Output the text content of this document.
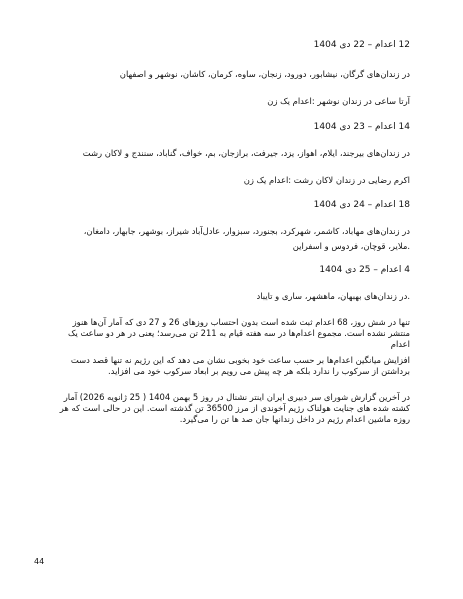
12 اعدام – 22 دی 1404
در زندان‌های گرگان، نیشابور، دورود، زنجان، ساوه، کرمان، کاشان، نوشهر و اصفهان
آرتا ساعی در زندان نوشهر :اعدام یک زن
14 اعدام – 23 دی 1404
در زندان‌های بیرجند، ایلام، اهواز، یزد، جیرفت، برازجان، بم، خواف، گناباد، سنندج و لاکان رشت
اکرم رضایی در زندان لاکان رشت :اعدام یک زن
18 اعدام – 24 دی 1404
در زندان‌های مهاباد، کاشمر، شهرکرد، بجنورد، سبزوار، عادل‌آباد شیراز، بوشهر، جابهار، دامغان،
.ملایر، قوچان، فردوس و اسفراین
4 اعدام – 25 دی 1404
.در زندان‌های بهبهان، ماهشهر، ساری و تایباد
تنها در شش روز، 68 اعدام ثبت شده است بدون احتساب روزهای 26 و 27 دی که آمار آن‌ها هنوز منتشر نشده است. مجموع اعدام‌ها در سه هفته قیام به 211 تن می‌رسد؛ یعنی در هر دو ساعت یک اعدام
افزایش میانگین اعدام‌ها بر حسب ساعت خود بخوبی نشان می دهد که این رژیم نه تنها قصد دست برداشتن از سرکوب را ندارد بلکه هر چه پیش می رویم بر ابعاد سرکوب خود می افزاید.
در آخرین گزارش شورای سر دبیری ایران اینتر نشنال در روز 5 بهمن 1404 ( 25 ژانویه 2026) آمار کشته شده های جنایت هولناک رژیم آخوندی از مرز 36500 تن گذشته است. این در حالی است که هر روزه ماشین اعدام رژیم در داخل زندانها جان صد ها تن را می‌گیرد.
44
